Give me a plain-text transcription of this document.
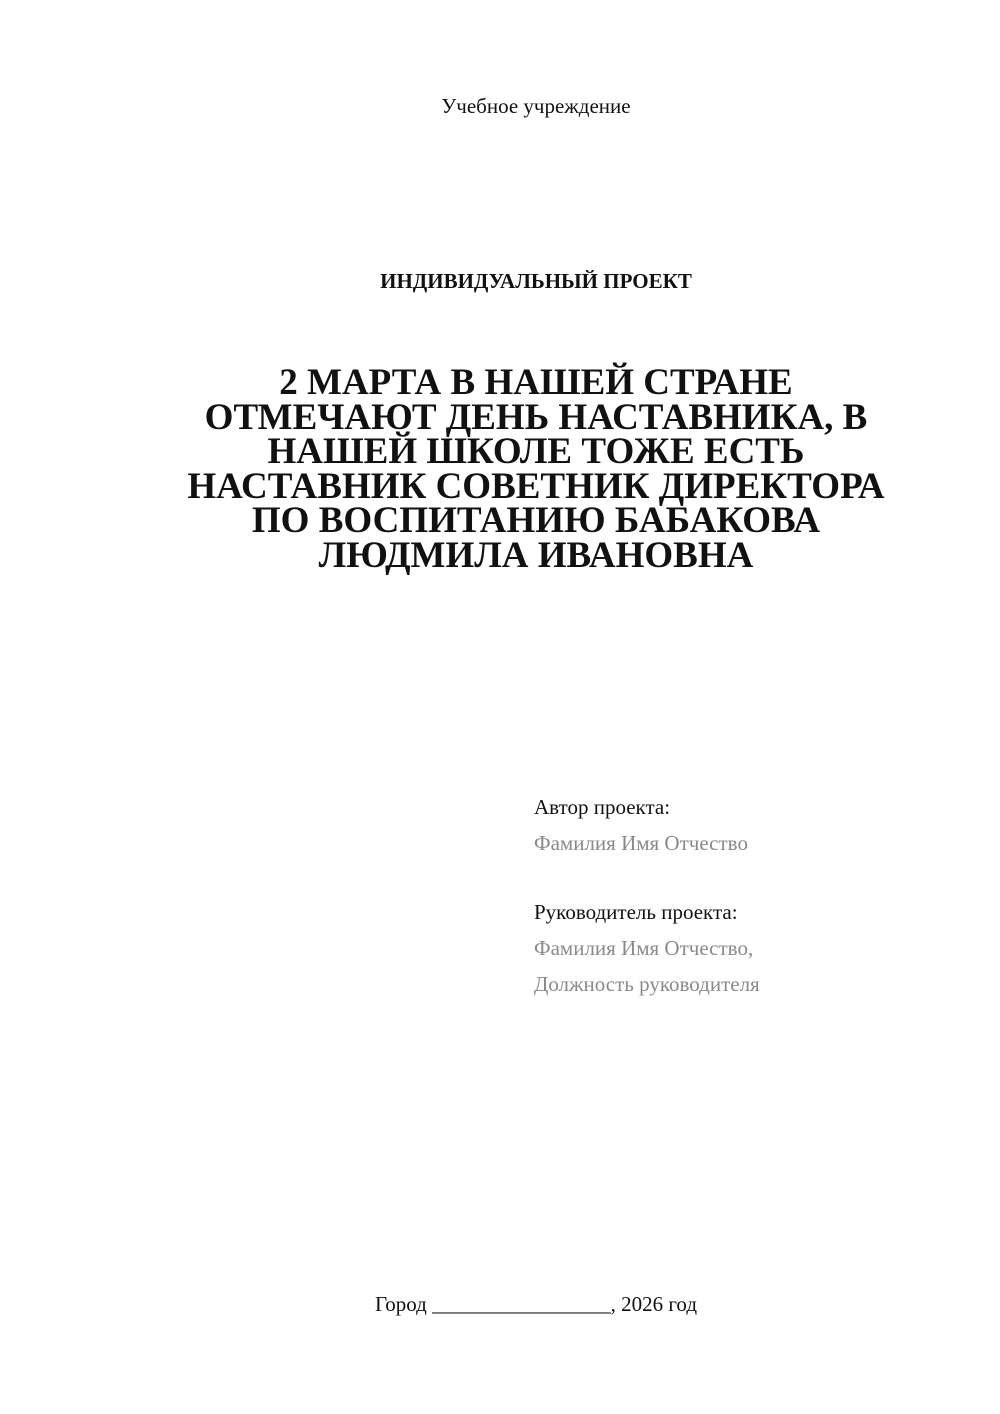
Учебное учреждение
ИНДИВИДУАЛЬНЫЙ ПРОЕКТ
2 МАРТА В НАШЕЙ СТРАНЕ
ОТМЕЧАЮТ ДЕНЬ НАСТАВНИКА, В
НАШЕЙ ШКОЛЕ ТОЖЕ ЕСТЬ
НАСТАВНИК СОВЕТНИК ДИРЕКТОРА
ПО ВОСПИТАНИЮ БАБАКОВА
ЛЮДМИЛА ИВАНОВНА
Автор проекта:
Фамилия Имя Отчество
Руководитель проекта:
Фамилия Имя Отчество,
Должность руководителя
Город _________________, 2026 год
